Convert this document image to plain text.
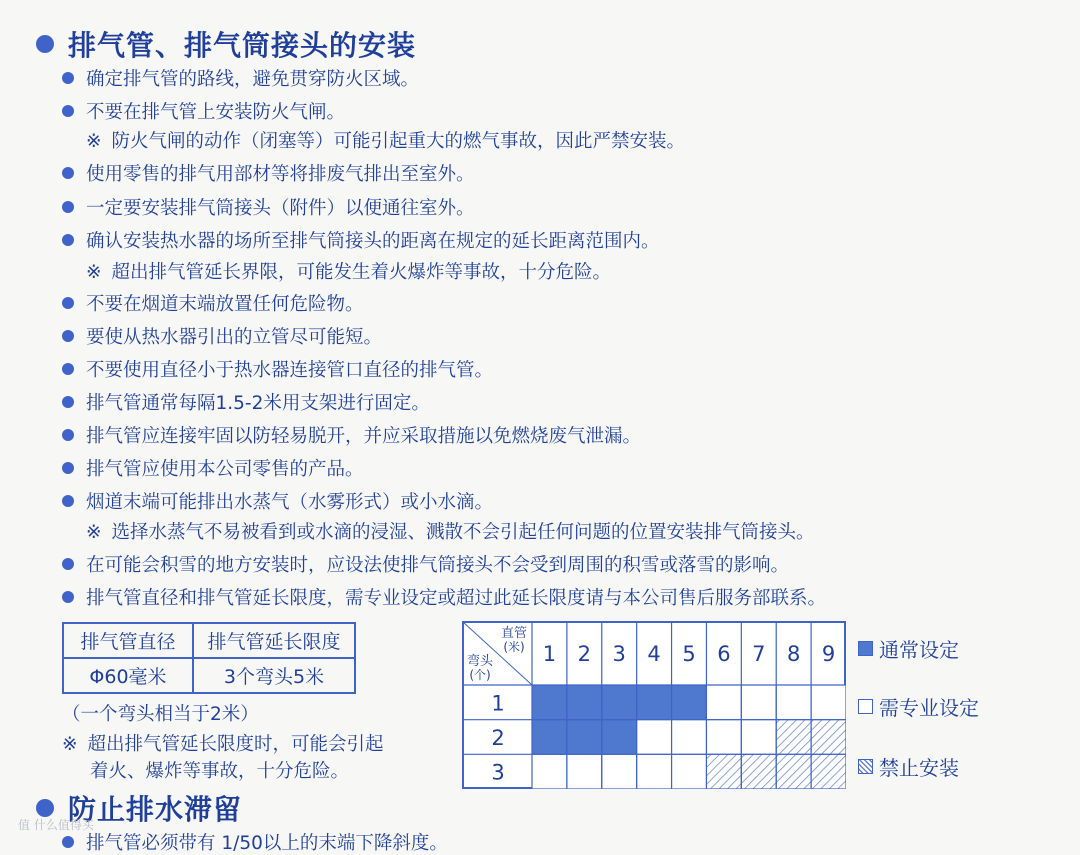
排气管、排气筒接头的安装
确定排气管的路线，避免贯穿防火区域。
不要在排气管上安装防火气闸。
※ 防火气闸的动作（闭塞等）可能引起重大的燃气事故，因此严禁安装。
使用零售的排气用部材等将排废气排出至室外。
一定要安装排气筒接头（附件）以便通往室外。
确认安装热水器的场所至排气筒接头的距离在规定的延长距离范围内。
※ 超出排气管延长界限，可能发生着火爆炸等事故，十分危险。
不要在烟道末端放置任何危险物。
要使从热水器引出的立管尽可能短。
不要使用直径小于热水器连接管口直径的排气管。
排气管通常每隔1.5-2米用支架进行固定。
排气管应连接牢固以防轻易脱开，并应采取措施以免燃烧废气泄漏。
排气管应使用本公司零售的产品。
烟道末端可能排出水蒸气（水雾形式）或小水滴。
※ 选择水蒸气不易被看到或水滴的浸湿、溅散不会引起任何问题的位置安装排气筒接头。
在可能会积雪的地方安装时，应设法使排气筒接头不会受到周围的积雪或落雪的影响。
排气管直径和排气管延长限度，需专业设定或超过此延长限度请与本公司售后服务部联系。
排气管直径	排气管延长限度
Φ60毫米	3个弯头5米
（一个弯头相当于2米）
※ 超出排气管延长限度时，可能会引起
着火、爆炸等事故，十分危险。
直管
(米)
弯头
(个)
1 2 3 4 5 6 7 8 9
1
2
3
通常设定
需专业设定
禁止安装
防止排水滞留
排气管必须带有 1/50以上的末端下降斜度。
值 什么值得买
